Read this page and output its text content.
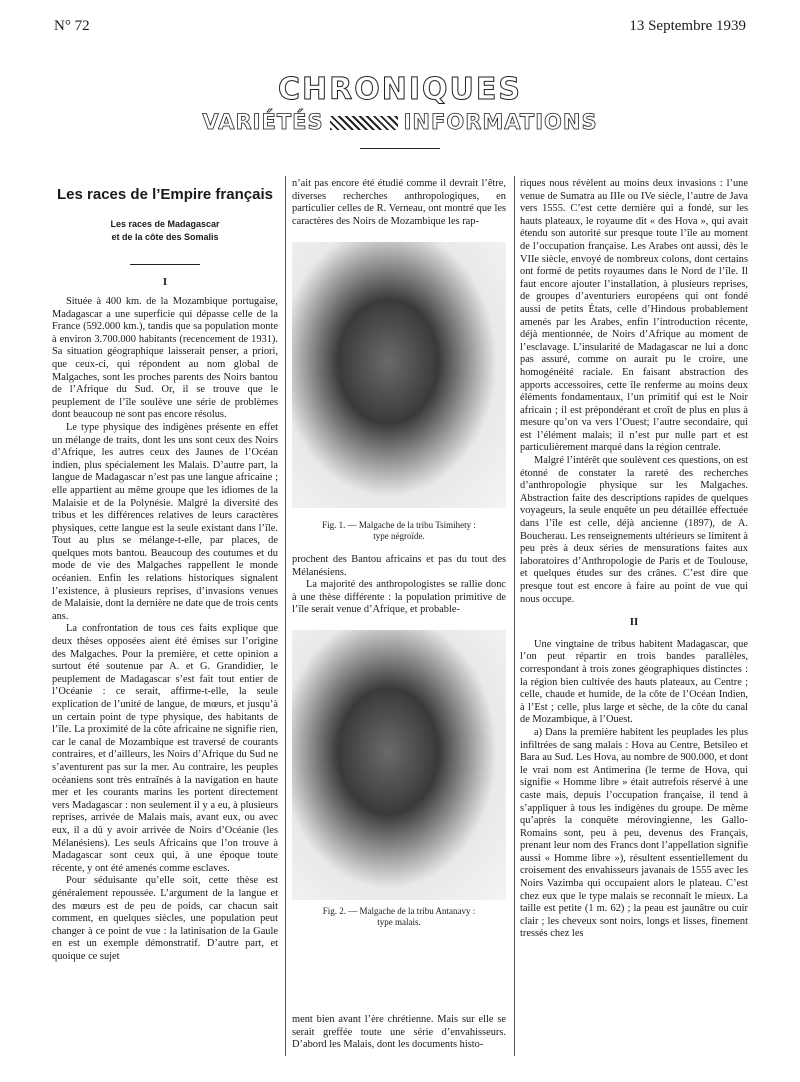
N° 72	13 Septembre 1939
CHRONIQUES
VARIÉTÉS	INFORMATIONS
Les races de l’Empire français
Les races de Madagascar
et de la côte des Somalis
I

Située à 400 km. de la Mozambique portugaise, Madagascar a une superficie qui dépasse celle de la France (592.000 km.), tandis que sa population monte à environ 3.700.000 habitants (recencement de 1931). Sa situation géographique laisserait penser, a priori, que ceux-ci, qui répondent au nom global de Malgaches, sont les proches parents des Noirs bantou de l’Afrique du Sud. Or, il se trouve que le peuplement de l’île soulève une série de problèmes dont beaucoup ne sont pas encore résolus.

Le type physique des indigènes présente en effet un mélange de traits, dont les uns sont ceux des Noirs d’Afrique, les autres ceux des Jaunes de l’Océan indien, plus spécialement les Malais. D’autre part, la langue de Madagascar n’est pas une langue africaine ; elle appartient au même groupe que les idiomes de la Malaisie et de la Polynésie. Malgré la diversité des tribus et les différences relatives de leurs caractères physiques, cette langue est la seule existant dans l’île. Tout au plus se mélange-t-elle, par places, de quelques mots bantou. Beaucoup des coutumes et du mode de vie des Malgaches rappellent le monde océanien. Enfin les relations historiques signalent l’existence, à plusieurs reprises, d’invasions venues de Malaisie, dont la dernière ne date que de trois cents ans.

La confrontation de tous ces faits explique que deux thèses opposées aient été émises sur l’origine des Malgaches. Pour la première, et cette opinion a surtout été soutenue par A. et G. Grandidier, le peuplement de Madagascar s’est fait tout entier de l’Océanie : ce serait, affirme-t-elle, la seule explication de l’unité de langue, de mœurs, et jusqu’à un certain point de type physique, des habitants de l’île. La proximité de la côte africaine ne signifie rien, car le canal de Mozambique est traversé de courants contraires, et d’ailleurs, les Noirs d’Afrique du Sud ne s’aventurent pas sur la mer. Au contraire, les peuples océaniens sont très entraînés à la navigation en haute mer et les courants marins les portent directement vers Madagascar : non seulement il y a eu, à plusieurs reprises, arrivée de Malais mais, avant eux, ou avec eux, il a dû y avoir arrivée de Noirs d’Océanie (les Mélanésiens). Les seuls Africains que l’on trouve à Madagascar sont ceux qui, à une époque toute récente, y ont été amenés comme esclaves.

Pour séduisante qu’elle soit, cette thèse est généralement repoussée. L’argument de la langue et des mœurs est de peu de poids, car chacun sait comment, en quelques siècles, une population peut changer à ce point de vue : la latinisation de la Gaule en est un exemple démonstratif. D’autre part, et quoique ce sujet

n’ait pas encore été étudié comme il devrait l’être, diverses recherches anthropologiques, en particulier celles de R. Verneau, ont montré que les caractères des Noirs de Mozambique les rap-

Fig. 1. — Malgache de la tribu Tsimihety :
type négroïde.

prochent des Bantou africains et pas du tout des Mélanésiens.

La majorité des anthropologistes se rallie donc à une thèse différente : la population primitive de l’île serait venue d’Afrique, et probable-

Fig. 2. — Malgache de la tribu Antanavy :
type malais.

ment bien avant l’ère chrétienne. Mais sur elle se serait greffée toute une série d’envahisseurs. D’abord les Malais, dont les documents histo-

riques nous révèlent au moins deux invasions : l’une venue de Sumatra au IIIe ou IVe siècle, l’autre de Java vers 1555. C’est cette dernière qui a fondé, sur les hauts plateaux, le royaume dit « des Hova », qui avait étendu son autorité sur presque toute l’île au moment de l’occupation française. Les Arabes ont aussi, dès le VIIe siècle, envoyé de nombreux colons, dont certains ont formé de petits royaumes dans le Nord de l’île. Il faut encore ajouter l’installation, à plusieurs reprises, de groupes d’aventuriers européens qui ont fondé aussi de petits États, celle d’Hindous probablement amenés par les Arabes, enfin l’introduction récente, déjà mentionnée, de Noirs d’Afrique au moment de l’esclavage. L’insularité de Madagascar ne lui a donc pas assuré, comme on aurait pu le croire, une homogénéité raciale. En faisant abstraction des apports accessoires, cette île renferme au moins deux éléments fondamentaux, l’un primitif qui est le Noir africain ; il est prépondérant et croît de plus en plus à mesure qu’on va vers l’Ouest; l’autre secondaire, qui est l’élément malais; il n’est pur nulle part et est particulièrement marqué dans la région centrale.

Malgré l’intérêt que soulèvent ces questions, on est étonné de constater la rareté des recherches d’anthropologie physique sur les Malgaches. Abstraction faite des descriptions rapides de quelques voyageurs, la seule enquête un peu détaillée effectuée dans l’île est celle, déjà ancienne (1897), de A. Boucherau. Les renseignements ultérieurs se limitent à peu près à deux séries de mensurations faites aux laboratoires d’Anthropologie de Paris et de Toulouse, et quelques études sur des crânes. C’est dire que presque tout est encore à faire au point de vue qui nous occupe.

II

Une vingtaine de tribus habitent Madagascar, que l’on peut répartir en trois bandes parallèles, correspondant à trois zones géographiques distinctes : la région bien cultivée des hauts plateaux, au Centre ; celle, chaude et humide, de la côte de l’Océan Indien, à l’Est ; celle, plus large et sèche, de la côte du canal de Mozambique, à l’Ouest.

a) Dans la première habitent les peuplades les plus infiltrées de sang malais : Hova au Centre, Betsileo et Bara au Sud. Les Hova, au nombre de 900.000, et dont le vrai nom est Antimerina (le terme de Hova, qui signifie « Homme libre » était autrefois réservé à une caste mais, depuis l’occupation française, il tend à s’appliquer à tous les indigènes du groupe. De même qu’après la conquête mérovingienne, les Gallo-Romains sont, peu à peu, devenus des Français, prenant leur nom des Francs dont l’appellation signifie aussi « Homme libre »), résultent essentiellement du croisement des envahisseurs javanais de 1555 avec les Noirs Vazimba qui occupaient alors le plateau. C’est chez eux que le type malais se reconnaît le mieux. La taille est petite (1 m. 62) ; la peau est jaunâtre ou cuir clair ; les cheveux sont noirs, longs et lisses, finement tressés chez les
